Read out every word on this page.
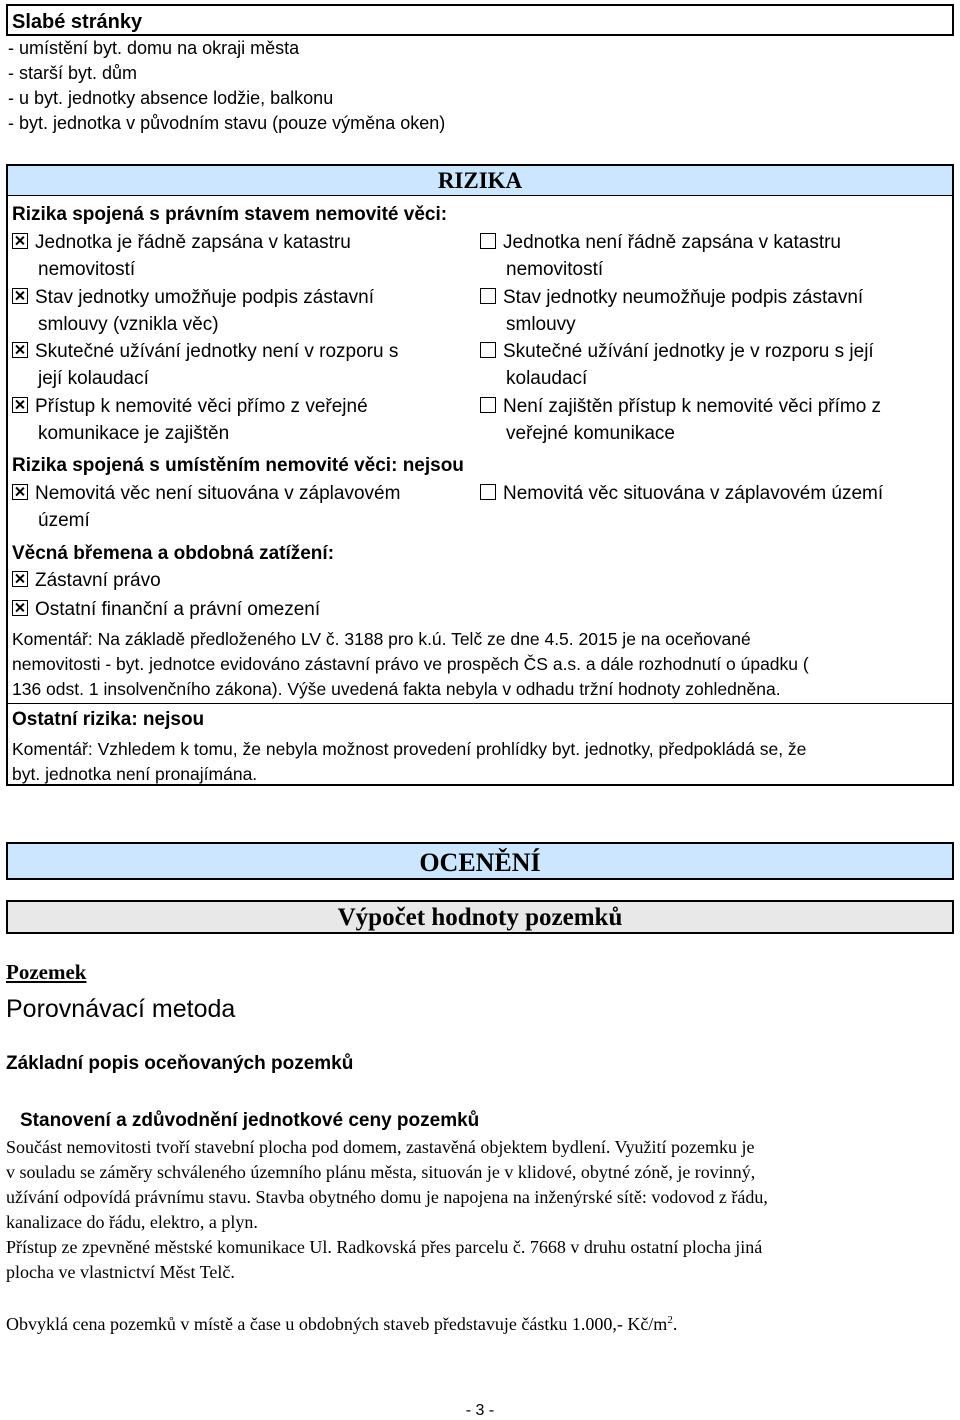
Slabé stránky
- umístění byt. domu na okraji města
- starší byt. dům
- u byt. jednotky absence lodžie, balkonu
- byt. jednotka v původním stavu (pouze výměna oken)
RIZIKA
Rizika spojená s právním stavem nemovité věci:
Jednotka je řádně zapsána v katastru
nemovitostí
Jednotka není řádně zapsána v katastru
nemovitostí
Stav jednotky umožňuje podpis zástavní
smlouvy (vznikla věc)
Stav jednotky neumožňuje podpis zástavní
smlouvy
Skutečné užívání jednotky není v rozporu s
její kolaudací
Skutečné užívání jednotky je v rozporu s její
kolaudací
Přístup k nemovité věci přímo z veřejné
komunikace je zajištěn
Není zajištěn přístup k nemovité věci přímo z
veřejné komunikace
Rizika spojená s umístěním nemovité věci: nejsou
Nemovitá věc není situována v záplavovém
území
Nemovitá věc situována v záplavovém území
Věcná břemena a obdobná zatížení:
Zástavní právo
Ostatní finanční a právní omezení
Komentář: Na základě předloženého LV č. 3188 pro k.ú. Telč ze dne 4.5. 2015 je na oceňované
nemovitosti - byt. jednotce evidováno zástavní právo ve prospěch ČS a.s. a dále rozhodnutí o úpadku (
136 odst. 1 insolvenčního zákona). Výše uvedená fakta nebyla v odhadu tržní hodnoty zohledněna.
Ostatní rizika: nejsou
Komentář: Vzhledem k tomu, že nebyla možnost provedení prohlídky byt. jednotky, předpokládá se, že
byt. jednotka není pronajímána.
OCENĚNÍ
Výpočet hodnoty pozemků
Pozemek
Porovnávací metoda
Základní popis oceňovaných pozemků
Stanovení a zdůvodnění jednotkové ceny pozemků
Součást nemovitosti tvoří stavební plocha pod domem, zastavěná objektem bydlení. Využití pozemku je
v souladu se záměry schváleného územního plánu města, situován je v klidové, obytné zóně, je rovinný,
užívání odpovídá právnímu stavu. Stavba obytného domu je napojena na inženýrské sítě: vodovod z řádu,
kanalizace do řádu, elektro, a plyn.
Přístup ze zpevněné městské komunikace Ul. Radkovská přes parcelu č. 7668 v druhu ostatní plocha jiná
plocha ve vlastnictví Měst Telč.
Obvyklá cena pozemků v místě a čase u obdobných staveb představuje částku 1.000,- $Kč/m^2$.
- 3 -
